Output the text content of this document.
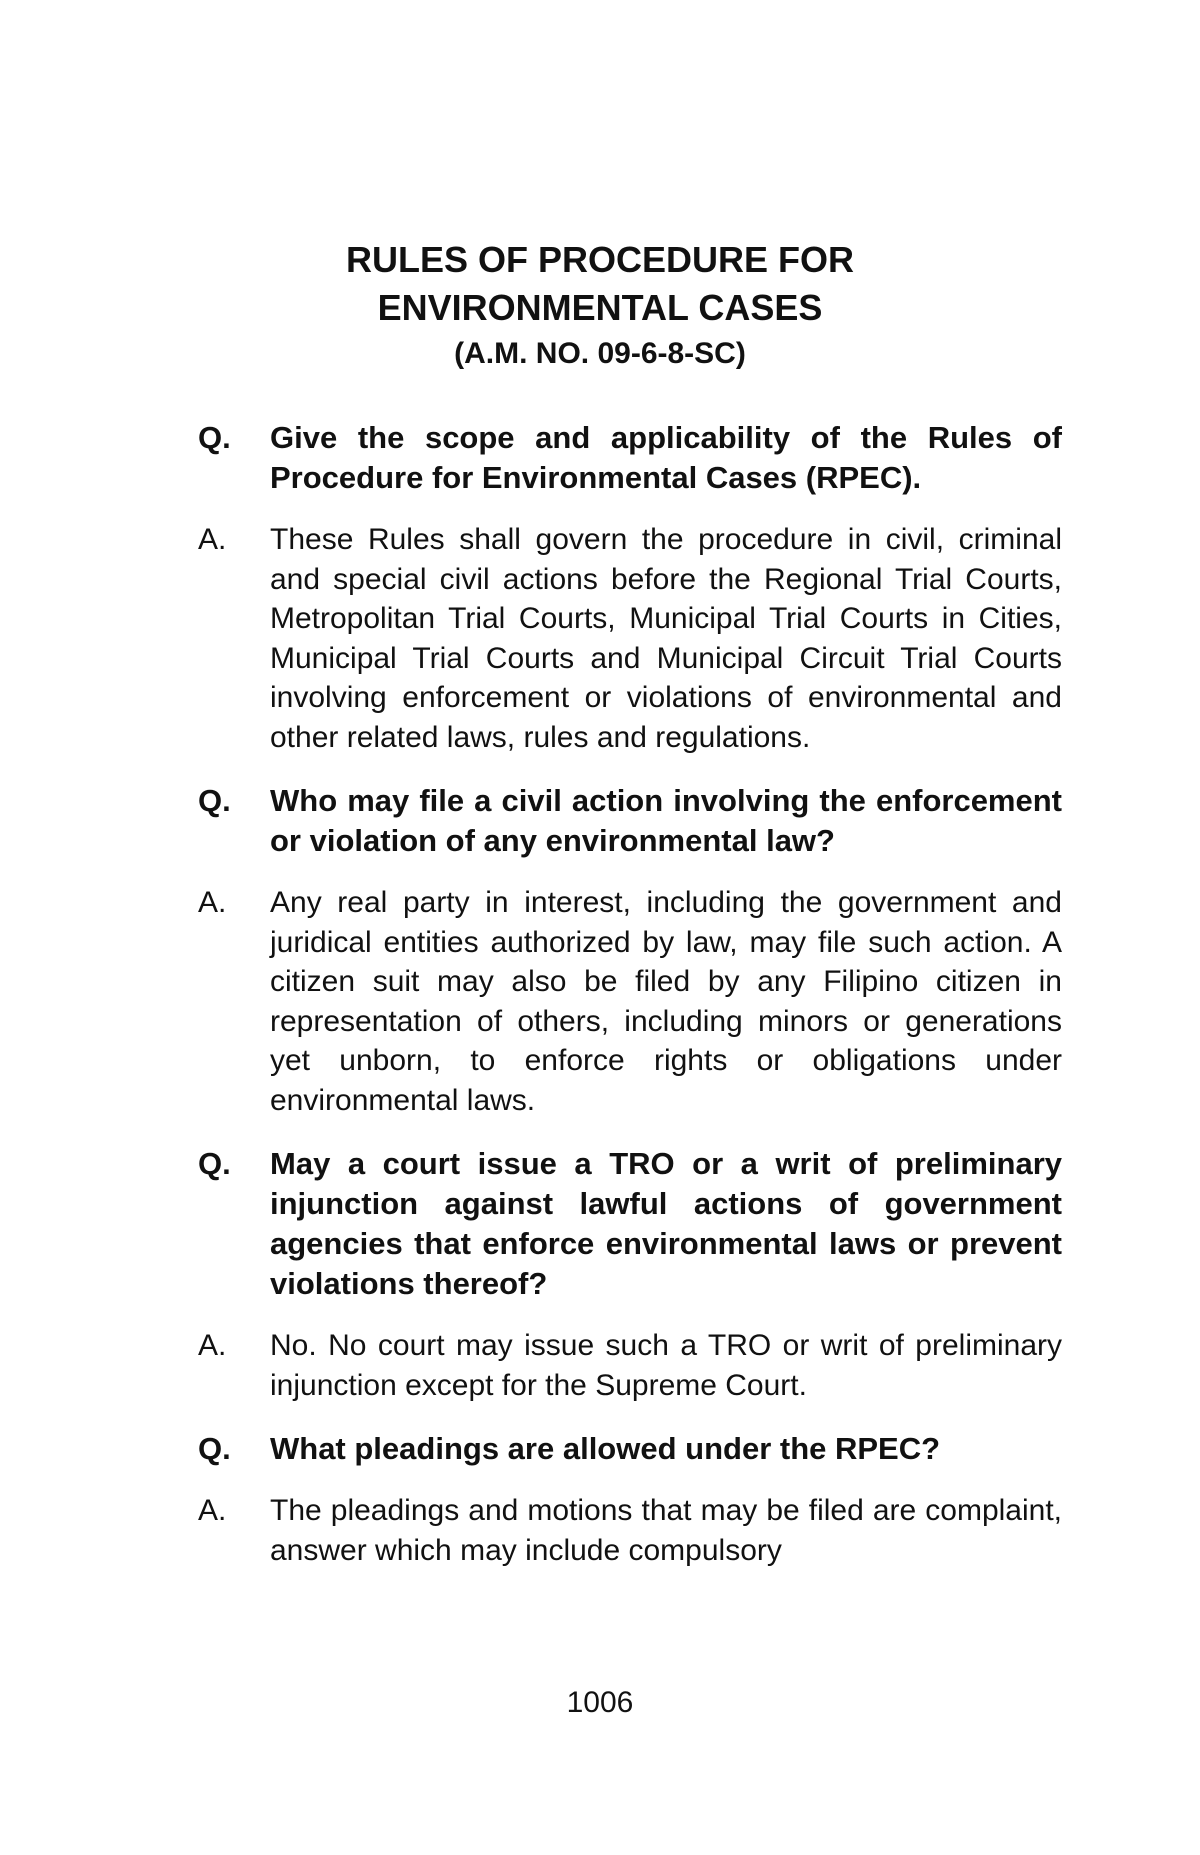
RULES OF PROCEDURE FOR
ENVIRONMENTAL CASES
(A.M. NO. 09-6-8-SC)
Q.	Give the scope and applicability of the Rules of Procedure for Environmental Cases (RPEC).
A.	These Rules shall govern the procedure in civil, criminal and special civil actions before the Regional Trial Courts, Metropolitan Trial Courts, Municipal Trial Courts in Cities, Municipal Trial Courts and Municipal Circuit Trial Courts involving enforcement or violations of environmental and other related laws, rules and regulations.
Q.	Who may file a civil action involving the enforcement or violation of any environmental law?
A.	Any real party in interest, including the government and juridical entities authorized by law, may file such action. A citizen suit may also be filed by any Filipino citizen in representation of others, including minors or generations yet unborn, to enforce rights or obligations under environmental laws.
Q.	May a court issue a TRO or a writ of preliminary injunction against lawful actions of government agencies that enforce environmental laws or prevent violations thereof?
A.	No. No court may issue such a TRO or writ of preliminary injunction except for the Supreme Court.
Q.	What pleadings are allowed under the RPEC?
A.	The pleadings and motions that may be filed are complaint, answer which may include compulsory
1006
